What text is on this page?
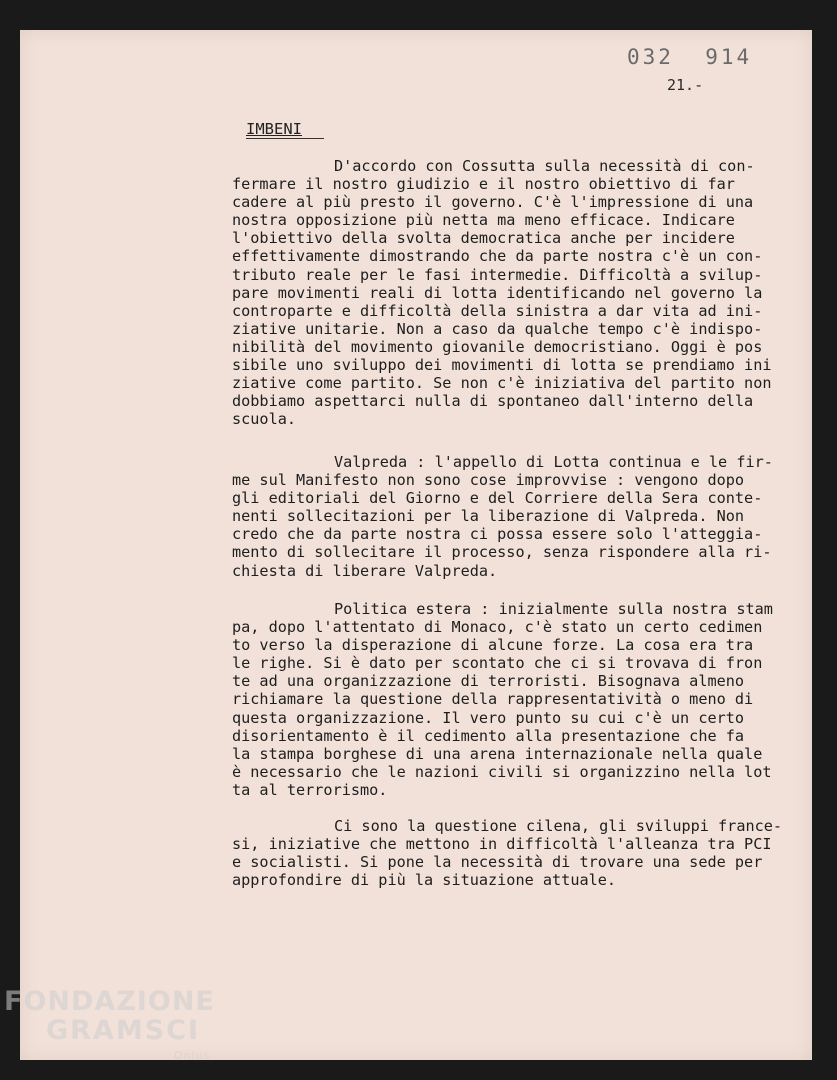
032  914
21.-
IMBENI
D'accordo con Cossutta sulla necessità di con-
fermare il nostro giudizio e il nostro obiettivo di far
cadere al più presto il governo. C'è l'impressione di una
nostra opposizione più netta ma meno efficace. Indicare
l'obiettivo della svolta democratica anche per incidere
effettivamente dimostrando che da parte nostra c'è un con-
tributo reale per le fasi intermedie. Difficoltà a svilup-
pare movimenti reali di lotta identificando nel governo la
controparte e difficoltà della sinistra a dar vita ad ini-
ziative unitarie. Non a caso da qualche tempo c'è indispo-
nibilità del movimento giovanile democristiano. Oggi è pos
sibile uno sviluppo dei movimenti di lotta se prendiamo ini
ziative come partito. Se non c'è iniziativa del partito non
dobbiamo aspettarci nulla di spontaneo dall'interno della
scuola.
Valpreda : l'appello di Lotta continua e le fir-
me sul Manifesto non sono cose improvvise : vengono dopo
gli editoriali del Giorno e del Corriere della Sera conte-
nenti sollecitazioni per la liberazione di Valpreda. Non
credo che da parte nostra ci possa essere solo l'atteggia-
mento di sollecitare il processo, senza rispondere alla ri-
chiesta di liberare Valpreda.
Politica estera : inizialmente sulla nostra stam
pa, dopo l'attentato di Monaco, c'è stato un certo cedimen
to verso la disperazione di alcune forze. La cosa era tra
le righe. Si è dato per scontato che ci si trovava di fron
te ad una organizzazione di terroristi. Bisognava almeno
richiamare la questione della rappresentatività o meno di
questa organizzazione. Il vero punto su cui c'è un certo
disorientamento è il cedimento alla presentazione che fa
la stampa borghese di una arena internazionale nella quale
è necessario che le nazioni civili si organizzino nella lot
ta al terrorismo.
Ci sono la questione cilena, gli sviluppi france-
si, iniziative che mettono in difficoltà l'alleanza tra PCI
e socialisti. Si pone la necessità di trovare una sede per
approfondire di più la situazione attuale.
FONDAZIONE
GRAMSCI
Onlus
